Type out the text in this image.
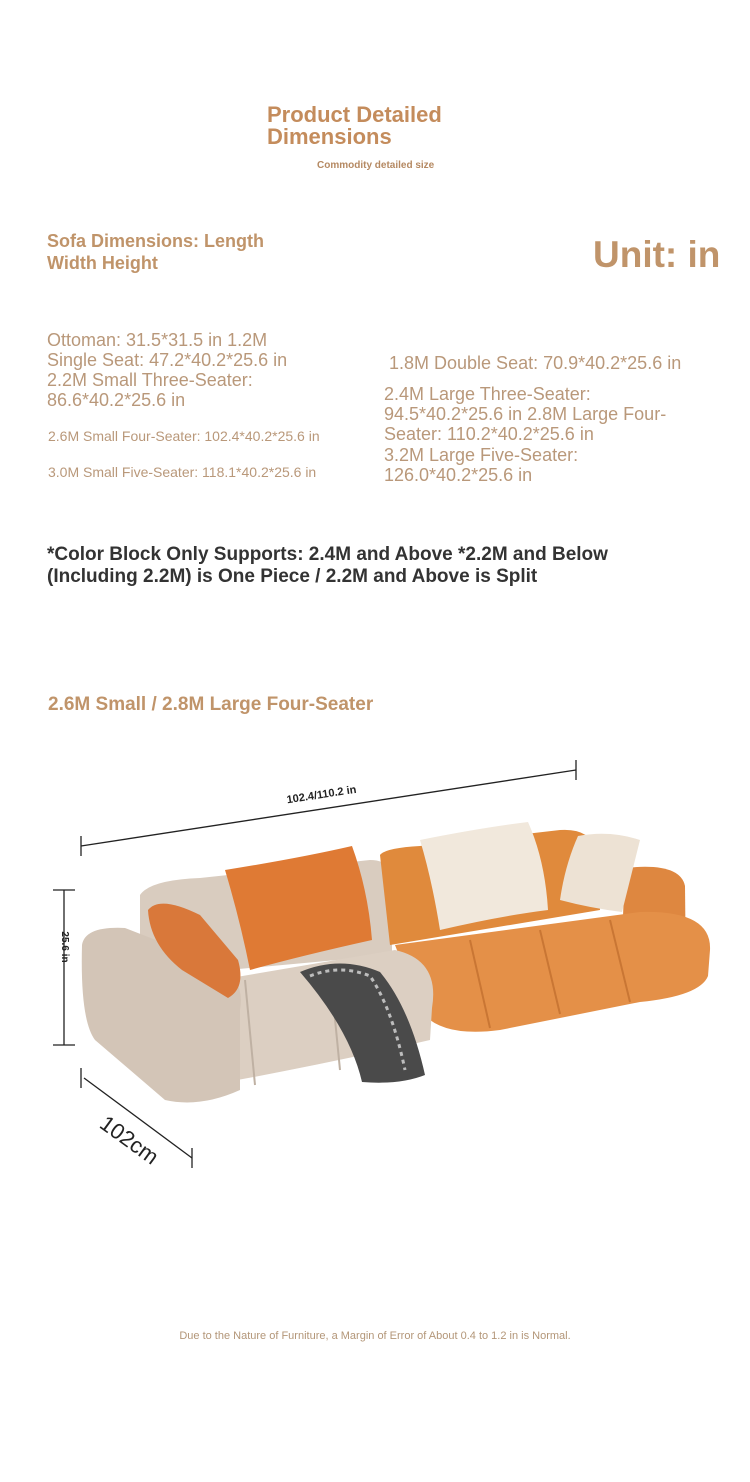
Product Detailed
Dimensions
Commodity detailed size
Sofa Dimensions: Length Width Height	Unit: in
Ottoman: 31.5*31.5 in 1.2M Single Seat: 47.2*40.2*25.6 in 2.2M Small Three-Seater: 86.6*40.2*25.6 in
2.6M Small Four-Seater: 102.4*40.2*25.6 in
3.0M Small Five-Seater: 118.1*40.2*25.6 in
1.8M Double Seat: 70.9*40.2*25.6 in
2.4M Large Three-Seater: 94.5*40.2*25.6 in 2.8M Large Four-Seater: 110.2*40.2*25.6 in
3.2M Large Five-Seater: 126.0*40.2*25.6 in
*Color Block Only Supports: 2.4M and Above *2.2M and Below (Including 2.2M) is One Piece / 2.2M and Above is Split
2.6M Small / 2.8M Large Four-Seater
102.4/110.2 in
25.6 in
102cm
Due to the Nature of Furniture, a Margin of Error of About 0.4 to 1.2 in is Normal.
